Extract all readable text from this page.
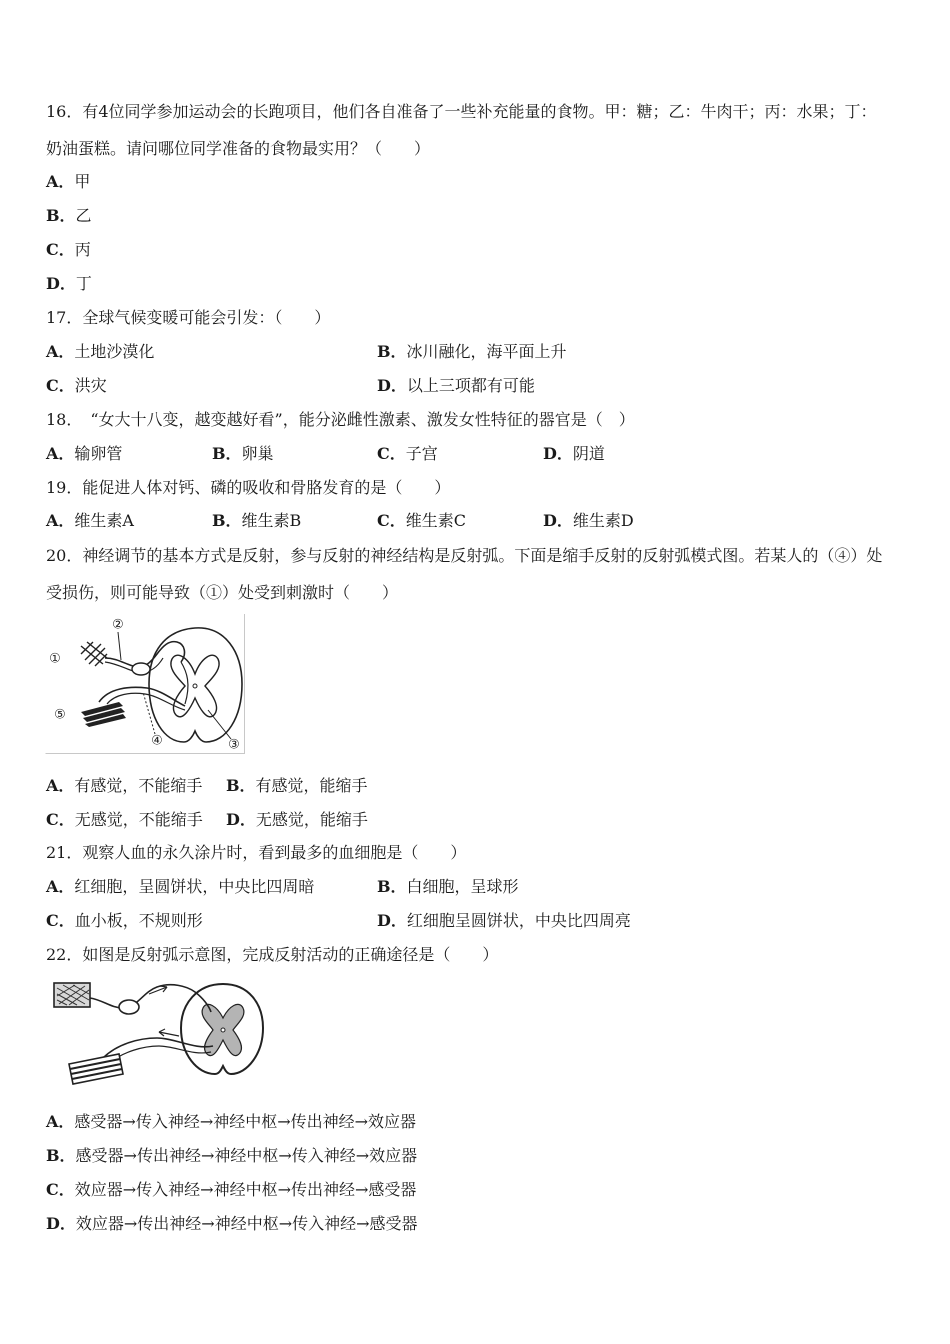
16．有4位同学参加运动会的长跑项目，他们各自准备了一些补充能量的食物。甲：糖；乙：牛肉干；丙：水果；丁：
奶油蛋糕。请问哪位同学准备的食物最实用？（　　）
A．甲
B．乙
C．丙
D．丁
17．全球气候变暖可能会引发：（　　）
A．土地沙漠化	B．冰川融化，海平面上升
C．洪灾	D．以上三项都有可能
18．　“女大十八变，越变越好看”，能分泌雌性激素、激发女性特征的器官是（　）
A．输卵管	B．卵巢	C．子宫	D．阴道
19．能促进人体对钙、磷的吸收和骨胳发育的是（　　）
A．维生素A	B．维生素B	C．维生素C	D．维生素D
20．神经调节的基本方式是反射，参与反射的神经结构是反射弧。下面是缩手反射的反射弧模式图。若某人的（④）处
受损伤，则可能导致（①）处受到刺激时（　　）
①
②
③
④
⑤
A．有感觉，不能缩手 B．有感觉，能缩手
C．无感觉，不能缩手 D．无感觉，能缩手
21．观察人血的永久涂片时，看到最多的血细胞是（　　）
A．红细胞，呈圆饼状，中央比四周暗	B．白细胞，呈球形
C．血小板，不规则形	D．红细胞呈圆饼状，中央比四周亮
22．如图是反射弧示意图，完成反射活动的正确途径是（　　）
A．感受器→传入神经→神经中枢→传出神经→效应器
B．感受器→传出神经→神经中枢→传入神经→效应器
C．效应器→传入神经→神经中枢→传出神经→感受器
D．效应器→传出神经→神经中枢→传入神经→感受器
